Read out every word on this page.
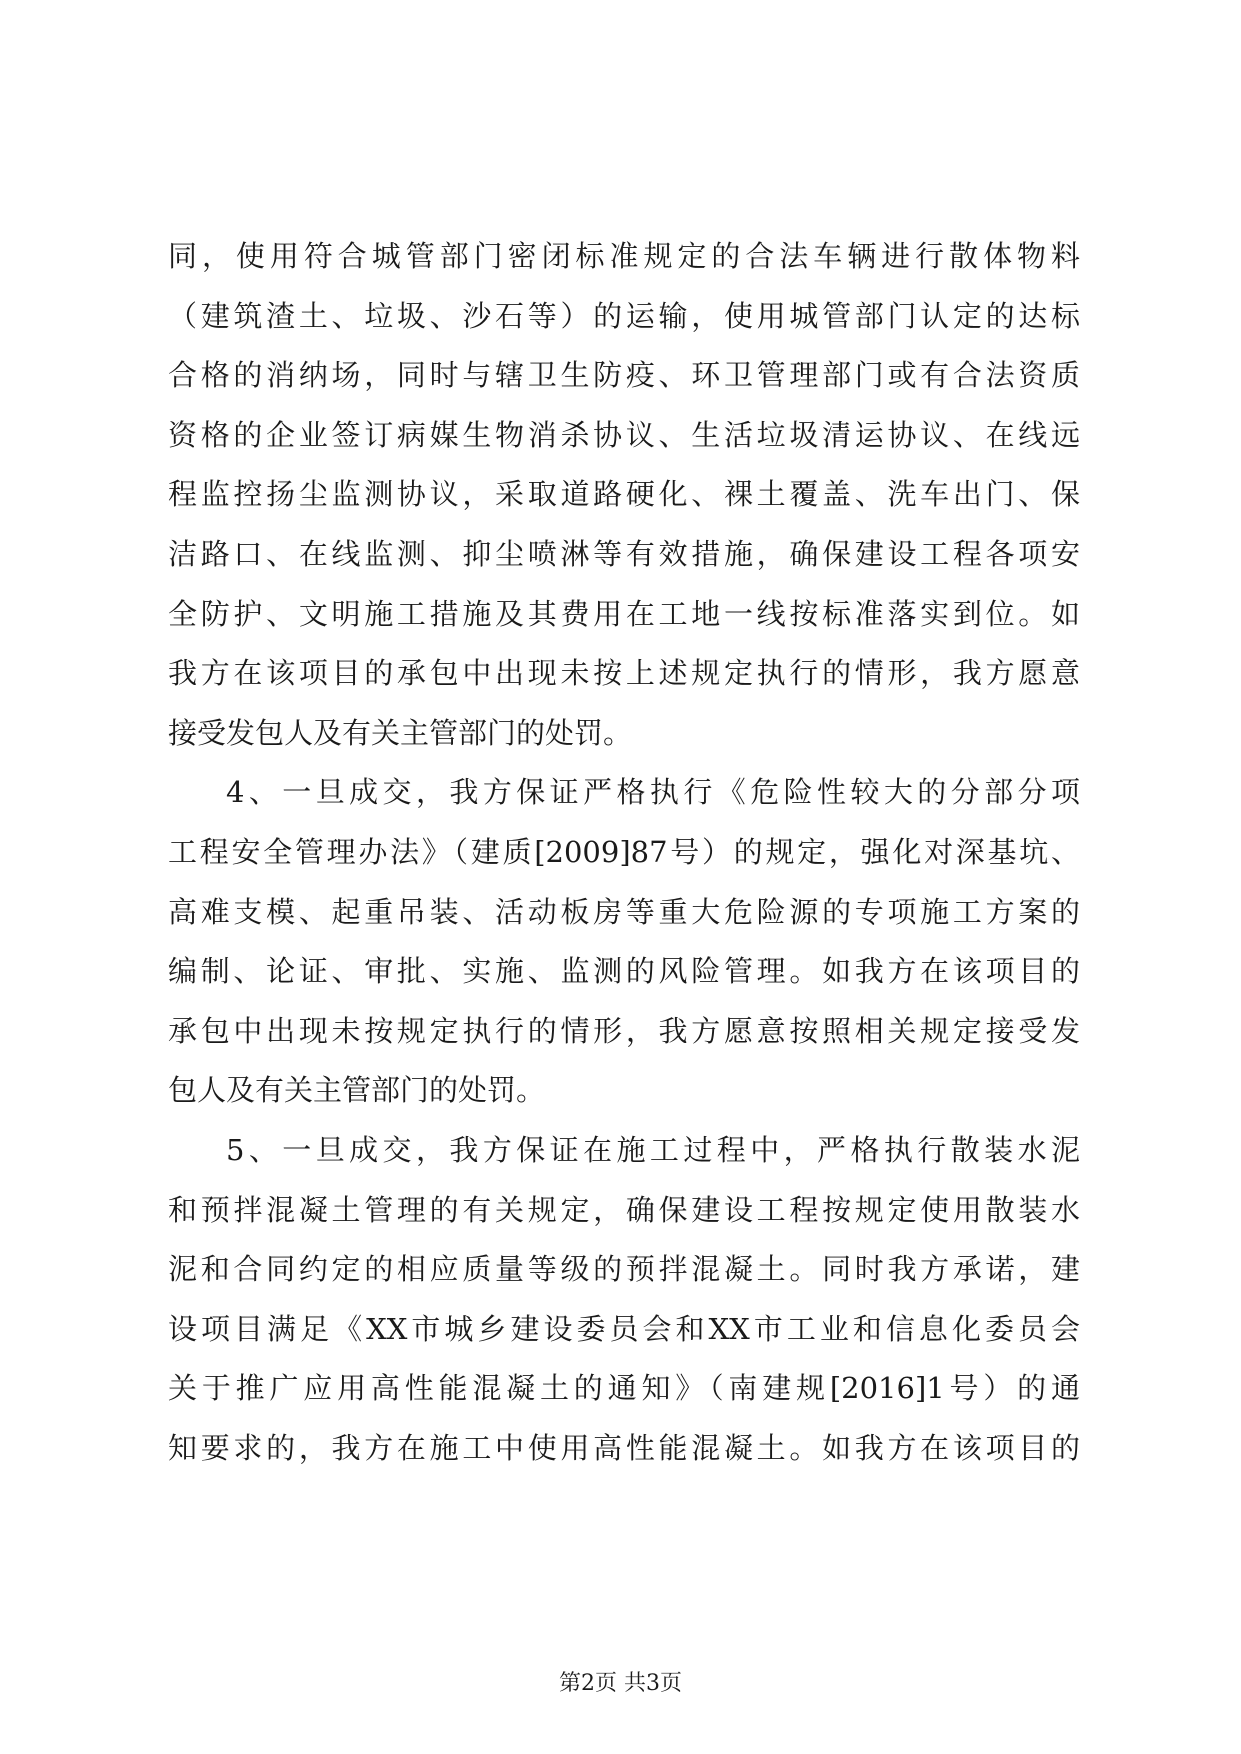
同，使用符合城管部门密闭标准规定的合法车辆进行散体物料
（建筑渣土、垃圾、沙石等）的运输，使用城管部门认定的达标
合格的消纳场，同时与辖卫生防疫、环卫管理部门或有合法资质
资格的企业签订病媒生物消杀协议、生活垃圾清运协议、在线远
程监控扬尘监测协议，采取道路硬化、裸土覆盖、洗车出门、保
洁路口、在线监测、抑尘喷淋等有效措施，确保建设工程各项安
全防护、文明施工措施及其费用在工地一线按标准落实到位。如
我方在该项目的承包中出现未按上述规定执行的情形，我方愿意
接受发包人及有关主管部门的处罚。
4、一旦成交，我方保证严格执行《危险性较大的分部分项
工程安全管理办法》（建质[2009]87号）的规定，强化对深基坑、
高难支模、起重吊装、活动板房等重大危险源的专项施工方案的
编制、论证、审批、实施、监测的风险管理。如我方在该项目的
承包中出现未按规定执行的情形，我方愿意按照相关规定接受发
包人及有关主管部门的处罚。
5、一旦成交，我方保证在施工过程中，严格执行散装水泥
和预拌混凝土管理的有关规定，确保建设工程按规定使用散装水
泥和合同约定的相应质量等级的预拌混凝土。同时我方承诺，建
设项目满足《XX市城乡建设委员会和XX市工业和信息化委员会
关于推广应用高性能混凝土的通知》（南建规[2016]1号）的通
知要求的，我方在施工中使用高性能混凝土。如我方在该项目的
第2页 共3页
